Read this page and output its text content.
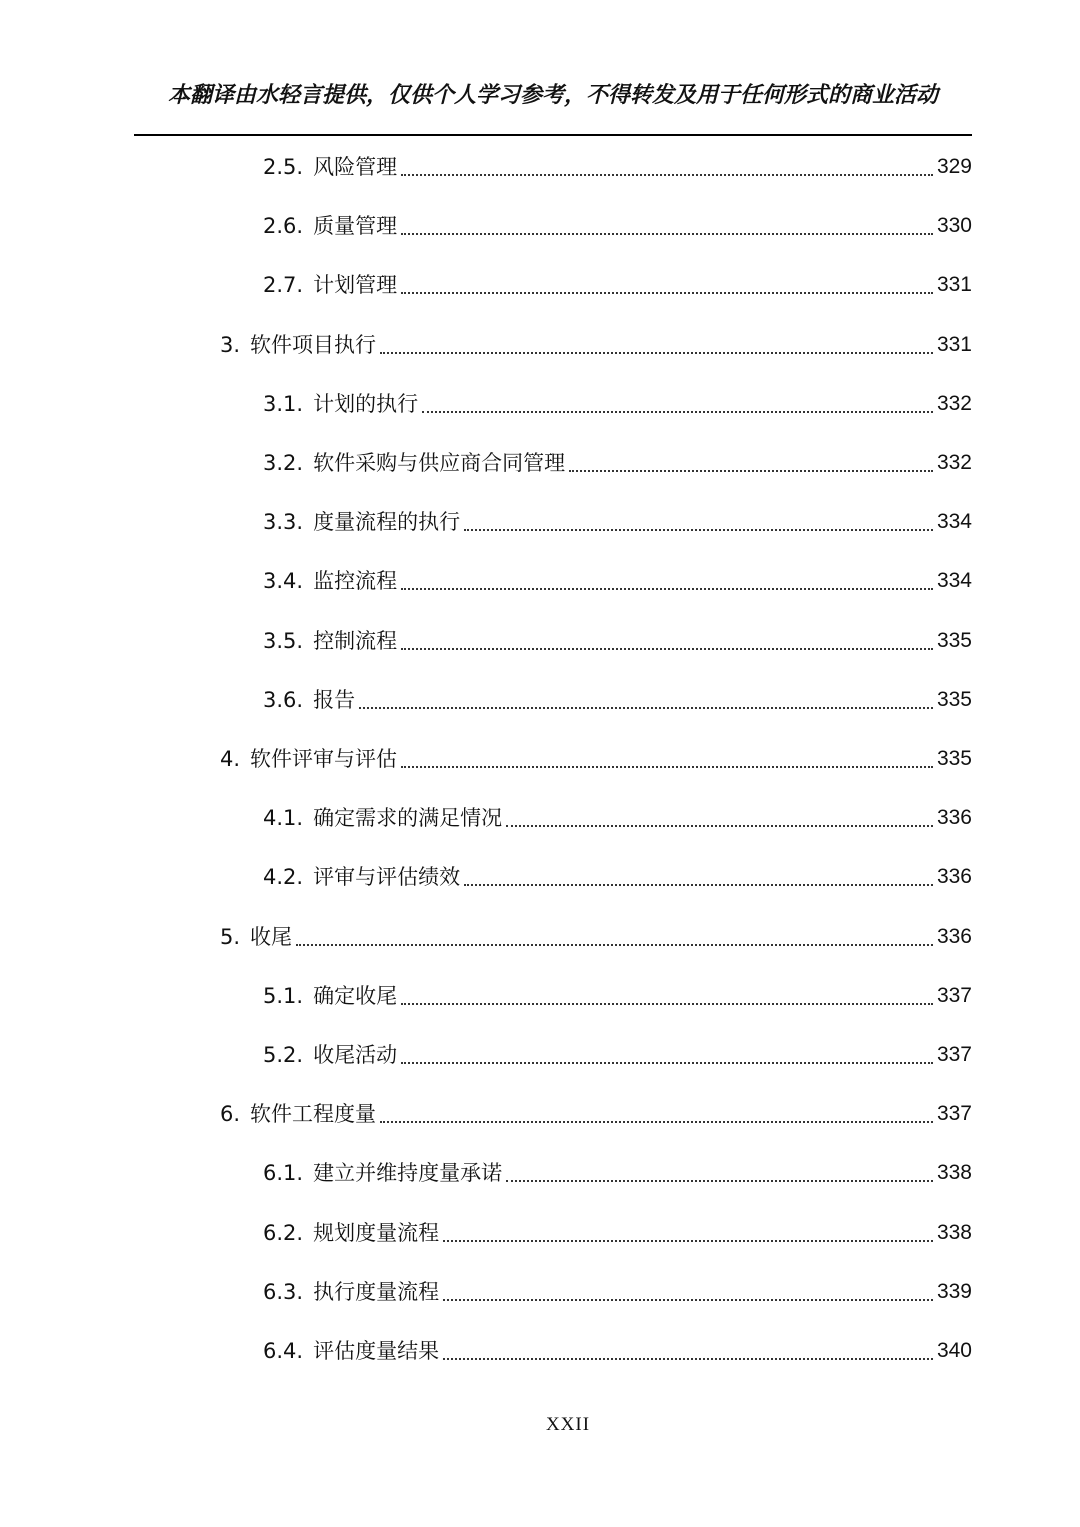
本翻译由水轻言提供，仅供个人学习参考，不得转发及用于任何形式的商业活动
2.5. 风险管理	329
2.6. 质量管理	330
2.7. 计划管理	331
3. 软件项目执行	331
3.1. 计划的执行	332
3.2. 软件采购与供应商合同管理	332
3.3. 度量流程的执行	334
3.4. 监控流程	334
3.5. 控制流程	335
3.6. 报告	335
4. 软件评审与评估	335
4.1. 确定需求的满足情况	336
4.2. 评审与评估绩效	336
5. 收尾	336
5.1. 确定收尾	337
5.2. 收尾活动	337
6. 软件工程度量	337
6.1. 建立并维持度量承诺	338
6.2. 规划度量流程	338
6.3. 执行度量流程	339
6.4. 评估度量结果	340
XXII
